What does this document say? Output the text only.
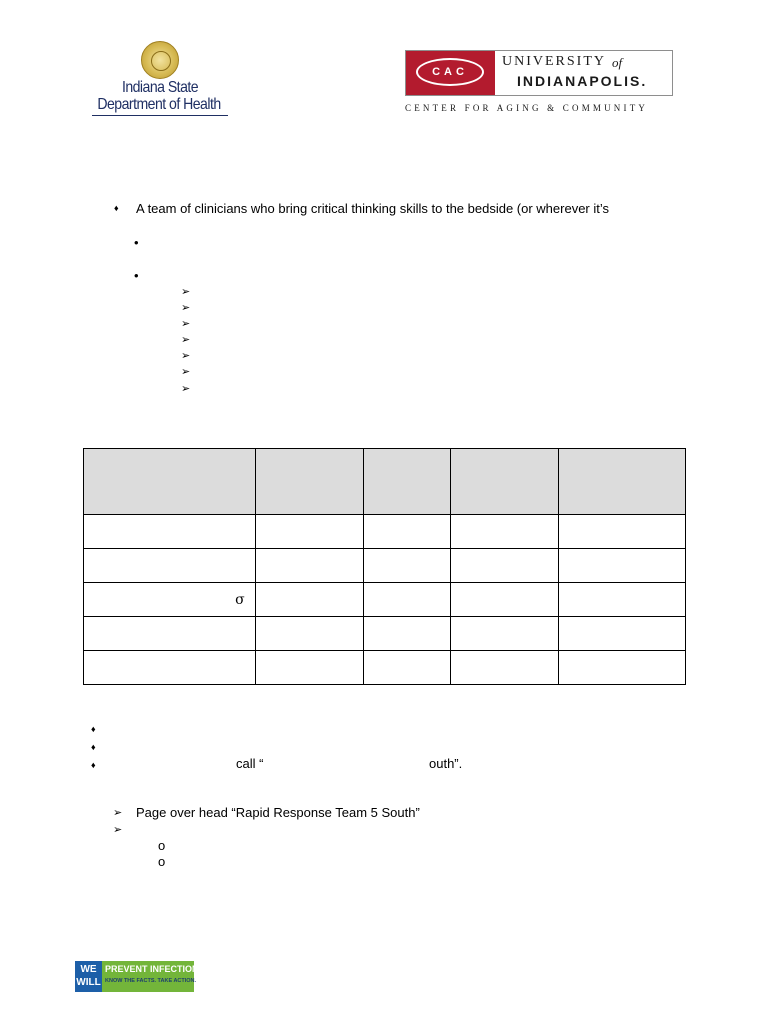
Indiana State
Department of Health
CAC
UNIVERSITY of
INDIANAPOLIS.
CENTER FOR AGING & COMMUNITY
♦ A team of clinicians who bring critical thinking skills to the bedside (or wherever it’s
•
•
➢
➢
➢
➢
➢
➢
➢

σ				

♦
♦
♦	call “	outh”.
➢ Page over head “Rapid Response Team 5 South”
➢
o
o
WE WILL
PREVENT INFECTIONS.
KNOW THE FACTS. TAKE ACTION.
